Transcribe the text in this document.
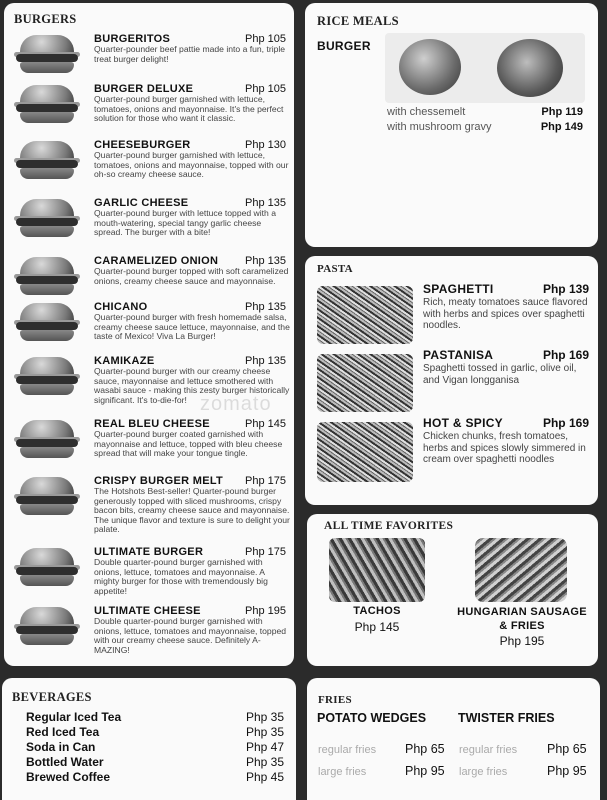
BURGERS
BURGERITOS	Php 105
Quarter-pounder beef pattie made into a fun, triple treat burger delight!
BURGER DELUXE	Php 105
Quarter-pound burger garnished with lettuce, tomatoes, onions and mayonnaise. It's the perfect solution for those who want it classic.
CHEESEBURGER	Php 130
Quarter-pound burger garnished with lettuce, tomatoes, onions and mayonnaise, topped with our oh-so creamy cheese sauce.
GARLIC CHEESE	Php 135
Quarter-pound burger with lettuce topped with a mouth-watering, special tangy garlic cheese spread. The burger with a bite!
CARAMELIZED ONION Php 135
Quarter-pound burger topped with soft caramelized onions, creamy cheese sauce and mayonnaise.
CHICANO	Php 135
Quarter-pound burger with fresh homemade salsa, creamy cheese sauce lettuce, mayonnaise, and the taste of Mexico! Viva La Burger!
KAMIKAZE	Php 135
Quarter-pound burger with our creamy cheese sauce, mayonnaise and lettuce smothered with wasabi sauce - making this zesty burger historically significant. It's to-die-for!
REAL BLEU CHEESE	Php 145
Quarter-pound burger coated garnished with mayonnaise and lettuce, topped with bleu cheese spread that will make your tongue tingle.
CRISPY BURGER MELT Php 175
The Hotshots Best-seller! Quarter-pound burger generously topped with sliced mushrooms, crispy bacon bits, creamy cheese sauce and mayonnaise. The unique flavor and texture is sure to delight your palate.
ULTIMATE BURGER	Php 175
Double quarter-pound burger garnished with onions, lettuce, tomatoes and mayonnaise. A mighty burger for those with tremendously big appetite!
ULTIMATE CHEESE	Php 195
Double quarter-pound burger garnished with onions, lettuce, tomatoes and mayonnaise, topped with our creamy cheese sauce. Definitely A-MAZING!
RICE MEALS
BURGER
with chessemelt	Php 119
with mushroom gravy	Php 149
PASTA
SPAGHETTI	Php 139
Rich, meaty tomatoes sauce flavored with herbs and spices over spaghetti noodles.
PASTANISA	Php 169
Spaghetti tossed in garlic, olive oil, and Vigan longganisa
HOT & SPICY	Php 169
Chicken chunks, fresh tomatoes, herbs and spices slowly simmered in cream over spaghetti noodles
ALL TIME FAVORITES
TACHOS
Php 145
HUNGARIAN SAUSAGE & FRIES
Php 195
BEVERAGES
Regular Iced Tea	Php 35
Red Iced Tea	Php 35
Soda in Can	Php 47
Bottled Water	Php 35
Brewed Coffee	Php 45
FRIES
POTATO WEDGES
regular fries Php 65
large fries	Php 95
TWISTER FRIES
regular fries Php 65
large fries	Php 95
zomato
